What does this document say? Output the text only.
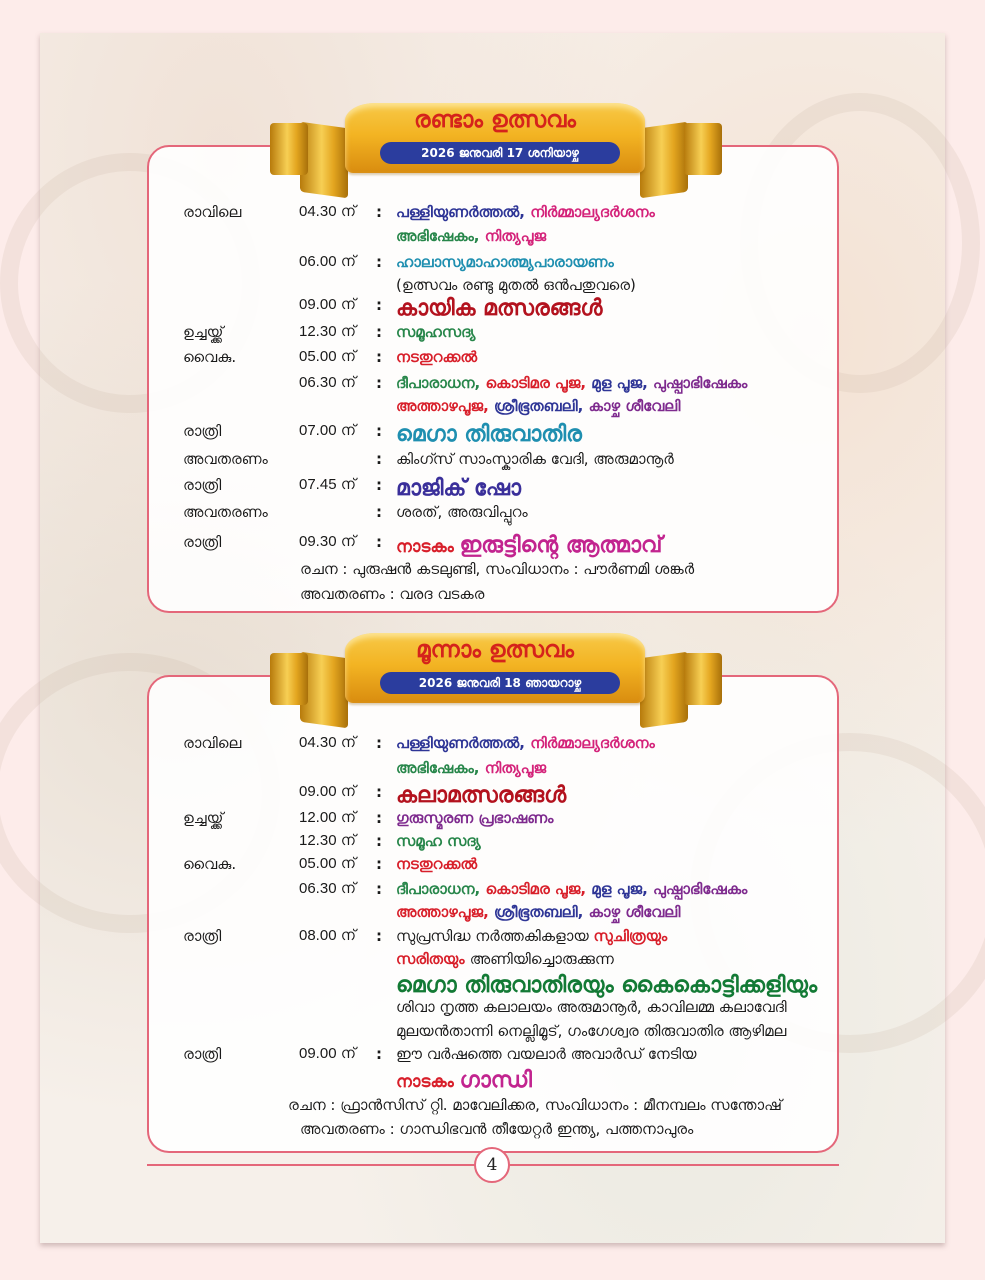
രണ്ടാം ഉത്സവം
2026 ജനുവരി 17 ശനിയാഴ്ച
രാവിലെ	04.30 ന് : പള്ളിയുണർത്തൽ, നിർമ്മാല്യദർശനം
അഭിഷേകം, നിത്യപൂജ
06.00 ന് : ഹാലാസ്യമാഹാത്മ്യപാരായണം
(ഉത്സവം രണ്ടു മുതൽ ഒൻപതുവരെ)
09.00 ന് : കായിക മത്സരങ്ങൾ
ഉച്ചയ്ക്ക്	12.30 ന് : സമൂഹസദ്യ
വൈകു.	05.00 ന് : നടതുറക്കൽ
06.30 ന് : ദീപാരാധന, കൊടിമര പൂജ, മുള പൂജ, പുഷ്പാഭിഷേകം
അത്താഴപൂജ, ശ്രീഭൂതബലി, കാഴ്ച ശീവേലി
രാത്രി	07.00 ന് : മെഗാ തിരുവാതിര
അവതരണം	: കിംഗ്സ് സാംസ്കാരിക വേദി, അരുമാനൂർ
രാത്രി	07.45 ന് : മാജിക് ഷോ
അവതരണം	: ശരത്, അരുവിപ്പുറം
രാത്രി	09.30 ന് : നാടകം ഇരുട്ടിന്റെ ആത്മാവ്
രചന : പുരുഷൻ കടലുണ്ടി, സംവിധാനം : പൗർണമി ശങ്കർ
അവതരണം : വരദ വടകര
മൂന്നാം ഉത്സവം
2026 ജനുവരി 18 ഞായറാഴ്ച
രാവിലെ	04.30 ന് : പള്ളിയുണർത്തൽ, നിർമ്മാല്യദർശനം
അഭിഷേകം, നിത്യപൂജ
09.00 ന് : കലാമത്സരങ്ങൾ
ഉച്ചയ്ക്ക്	12.00 ന് : ഗുരുസ്മരണ പ്രഭാഷണം
12.30 ന് : സമൂഹ സദ്യ
വൈകു.	05.00 ന് : നടതുറക്കൽ
06.30 ന് : ദീപാരാധന, കൊടിമര പൂജ, മുള പൂജ, പുഷ്പാഭിഷേകം
അത്താഴപൂജ, ശ്രീഭൂതബലി, കാഴ്ച ശീവേലി
രാത്രി	08.00 ന് : സുപ്രസിദ്ധ നർത്തകികളായ സുചിത്രയും
സരിതയും അണിയിച്ചൊരുക്കുന്ന
മെഗാ തിരുവാതിരയും കൈകൊട്ടിക്കളിയും
ശിവാ നൃത്ത കലാലയം അരുമാനൂർ, കാവിലമ്മ കലാവേദി
മുലയൻതാന്നി നെല്ലിമൂട്, ഗംഗേശ്വര തിരുവാതിര ആഴിമല
രാത്രി	09.00 ന് : ഈ വർഷത്തെ വയലാർ അവാർഡ് നേടിയ
നാടകം ഗാന്ധി
രചന : ഫ്രാൻസിസ് റ്റി. മാവേലിക്കര, സംവിധാനം : മീനമ്പലം സന്തോഷ്
അവതരണം : ഗാന്ധിഭവൻ തീയേറ്റർ ഇന്ത്യ, പത്തനാപുരം
4
